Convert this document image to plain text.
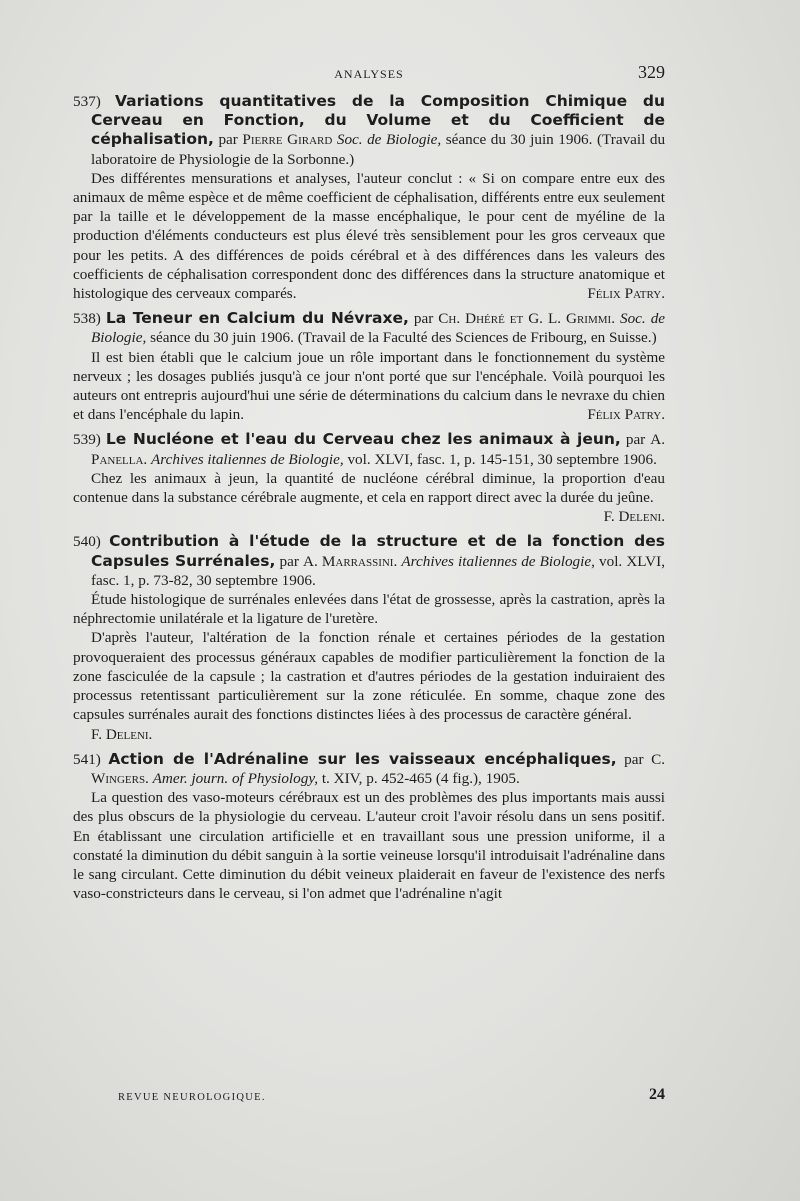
ANALYSES	329

537) Variations quantitatives de la Composition Chimique du Cerveau en Fonction, du Volume et du Coefficient de céphalisation, par Pierre Girard Soc. de Biologie, séance du 30 juin 1906. (Travail du laboratoire de Physiologie de la Sorbonne.)

Des différentes mensurations et analyses, l'auteur conclut : « Si on compare entre eux des animaux de même espèce et de même coefficient de céphalisation, différents entre eux seulement par la taille et le développement de la masse encéphalique, le pour cent de myéline de la production d'éléments conducteurs est plus élevé très sensiblement pour les gros cerveaux que pour les petits. A des différences de poids cérébral et à des différences dans les valeurs des coefficients de céphalisation correspondent donc des différences dans la structure anatomique et histologique des cerveaux comparés.	Félix Patry.

538) La Teneur en Calcium du Névraxe, par Ch. Dhéré et G. L. Grimmi. Soc. de Biologie, séance du 30 juin 1906. (Travail de la Faculté des Sciences de Fribourg, en Suisse.)

Il est bien établi que le calcium joue un rôle important dans le fonctionnement du système nerveux ; les dosages publiés jusqu'à ce jour n'ont porté que sur l'encéphale. Voilà pourquoi les auteurs ont entrepris aujourd'hui une série de déterminations du calcium dans le nevraxe du chien et dans l'encéphale du lapin.	Félix Patry.

539) Le Nucléone et l'eau du Cerveau chez les animaux à jeun, par A. Panella. Archives italiennes de Biologie, vol. XLVI, fasc. 1, p. 145-151, 30 septembre 1906.

Chez les animaux à jeun, la quantité de nucléone cérébral diminue, la proportion d'eau contenue dans la substance cérébrale augmente, et cela en rapport direct avec la durée du jeûne.
F. Deleni.

540) Contribution à l'étude de la structure et de la fonction des Capsules Surrénales, par A. Marrassini. Archives italiennes de Biologie, vol. XLVI, fasc. 1, p. 73-82, 30 septembre 1906.

Étude histologique de surrénales enlevées dans l'état de grossesse, après la castration, après la néphrectomie unilatérale et la ligature de l'uretère.

D'après l'auteur, l'altération de la fonction rénale et certaines périodes de la gestation provoqueraient des processus généraux capables de modifier particulièrement la fonction de la zone fasciculée de la capsule ; la castration et d'autres périodes de la gestation induiraient des processus retentissant particulièrement sur la zone réticulée. En somme, chaque zone des capsules surrénales aurait des fonctions distinctes liées à des processus de caractère général.

F. Deleni.

541) Action de l'Adrénaline sur les vaisseaux encéphaliques, par C. Wingers. Amer. journ. of Physiology, t. XIV, p. 452-465 (4 fig.), 1905.

La question des vaso-moteurs cérébraux est un des problèmes des plus importants mais aussi des plus obscurs de la physiologie du cerveau. L'auteur croit l'avoir résolu dans un sens positif. En établissant une circulation artificielle et en travaillant sous une pression uniforme, il a constaté la diminution du débit sanguin à la sortie veineuse lorsqu'il introduisait l'adrénaline dans le sang circulant. Cette diminution du débit veineux plaiderait en faveur de l'existence des nerfs vaso-constricteurs dans le cerveau, si l'on admet que l'adrénaline n'agit

REVUE NEUROLOGIQUE.	24
